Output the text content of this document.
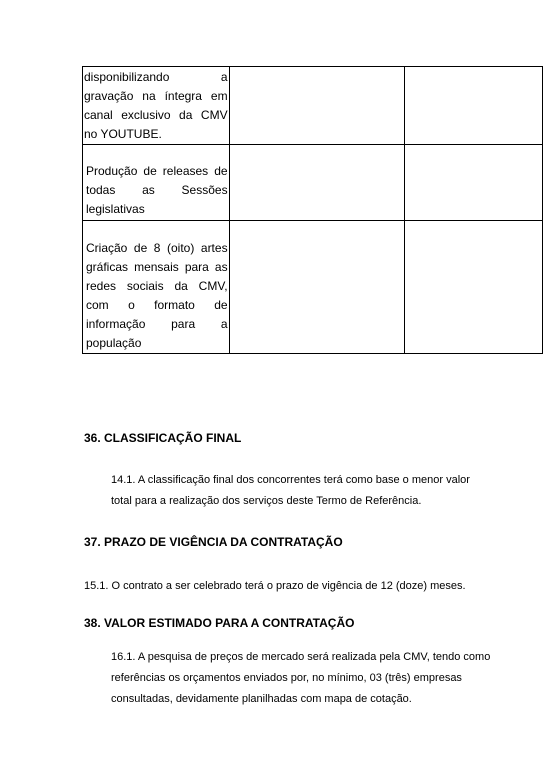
disponibilizando a gravação na íntegra em canal exclusivo da CMV no YOUTUBE.		

Produção de releases de todas as Sessões legislativas		

Criação de 8 (oito) artes gráficas mensais para as redes sociais da CMV, com o formato de informação para a população		

36. CLASSIFICAÇÃO FINAL
14.1. A classificação final dos concorrentes terá como base o menor valor
total para a realização dos serviços deste Termo de Referência.
37. PRAZO DE VIGÊNCIA DA CONTRATAÇÃO
15.1. O contrato a ser celebrado terá o prazo de vigência de 12 (doze) meses.
38. VALOR ESTIMADO PARA A CONTRATAÇÃO
16.1. A pesquisa de preços de mercado será realizada pela CMV, tendo como
referências os orçamentos enviados por, no mínimo, 03 (três) empresas
consultadas, devidamente planilhadas com mapa de cotação.
